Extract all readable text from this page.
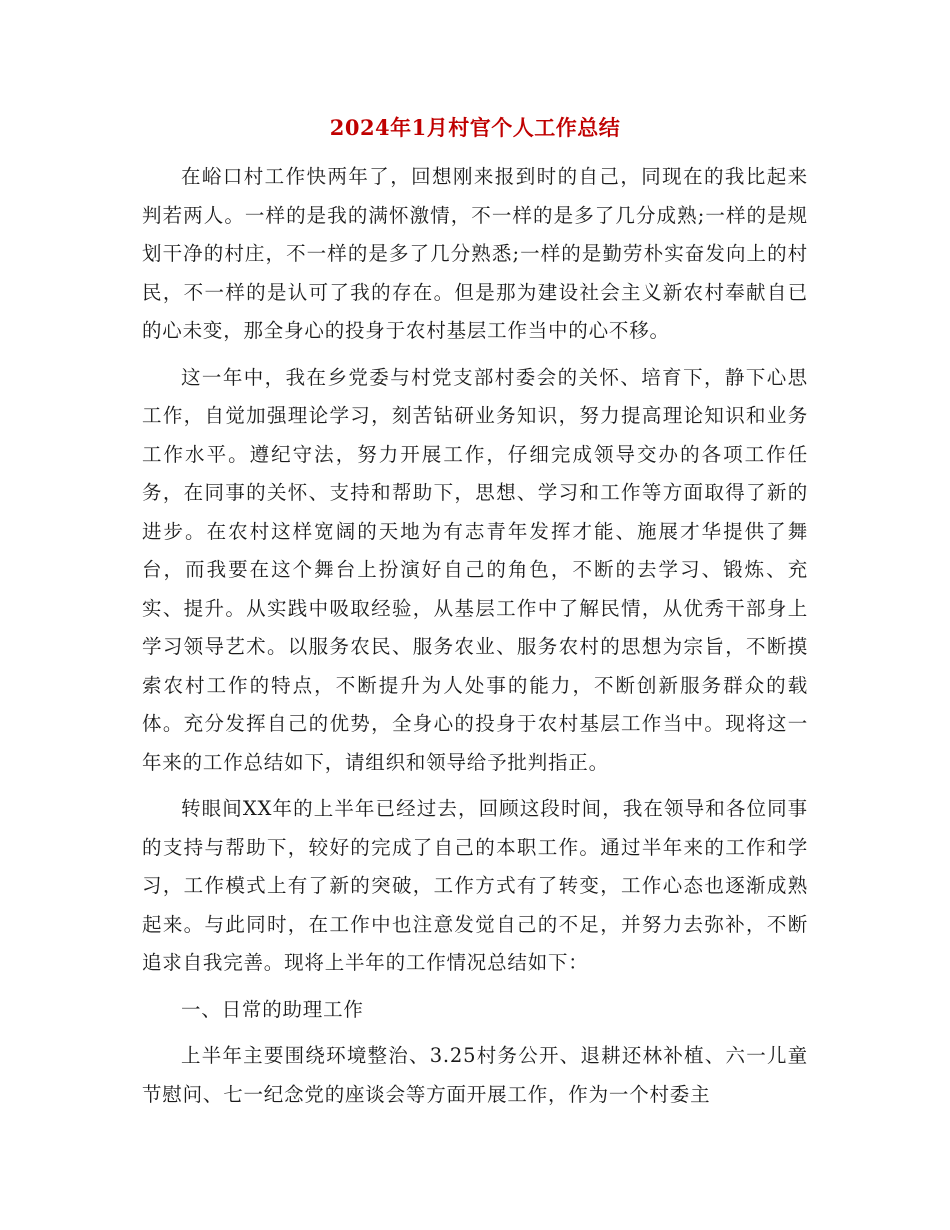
2024年1月村官个人工作总结

在峪口村工作快两年了，回想刚来报到时的自己，同现在的我比起来判若两人。一样的是我的满怀激情，不一样的是多了几分成熟;一样的是规划干净的村庄，不一样的是多了几分熟悉;一样的是勤劳朴实奋发向上的村民，不一样的是认可了我的存在。但是那为建设社会主义新农村奉献自已的心未变，那全身心的投身于农村基层工作当中的心不移。

这一年中，我在乡党委与村党支部村委会的关怀、培育下，静下心思工作，自觉加强理论学习，刻苦钻研业务知识，努力提高理论知识和业务工作水平。遵纪守法，努力开展工作，仔细完成领导交办的各项工作任务，在同事的关怀、支持和帮助下，思想、学习和工作等方面取得了新的进步。在农村这样宽阔的天地为有志青年发挥才能、施展才华提供了舞台，而我要在这个舞台上扮演好自己的角色，不断的去学习、锻炼、充实、提升。从实践中吸取经验，从基层工作中了解民情，从优秀干部身上学习领导艺术。以服务农民、服务农业、服务农村的思想为宗旨，不断摸索农村工作的特点，不断提升为人处事的能力，不断创新服务群众的载体。充分发挥自己的优势，全身心的投身于农村基层工作当中。现将这一年来的工作总结如下，请组织和领导给予批判指正。

转眼间XX年的上半年已经过去，回顾这段时间，我在领导和各位同事的支持与帮助下，较好的完成了自己的本职工作。通过半年来的工作和学习，工作模式上有了新的突破，工作方式有了转变，工作心态也逐渐成熟起来。与此同时，在工作中也注意发觉自己的不足，并努力去弥补，不断追求自我完善。现将上半年的工作情况总结如下：

一、日常的助理工作

上半年主要围绕环境整治、3.25村务公开、退耕还林补植、六一儿童节慰问、七一纪念党的座谈会等方面开展工作，作为一个村委主
